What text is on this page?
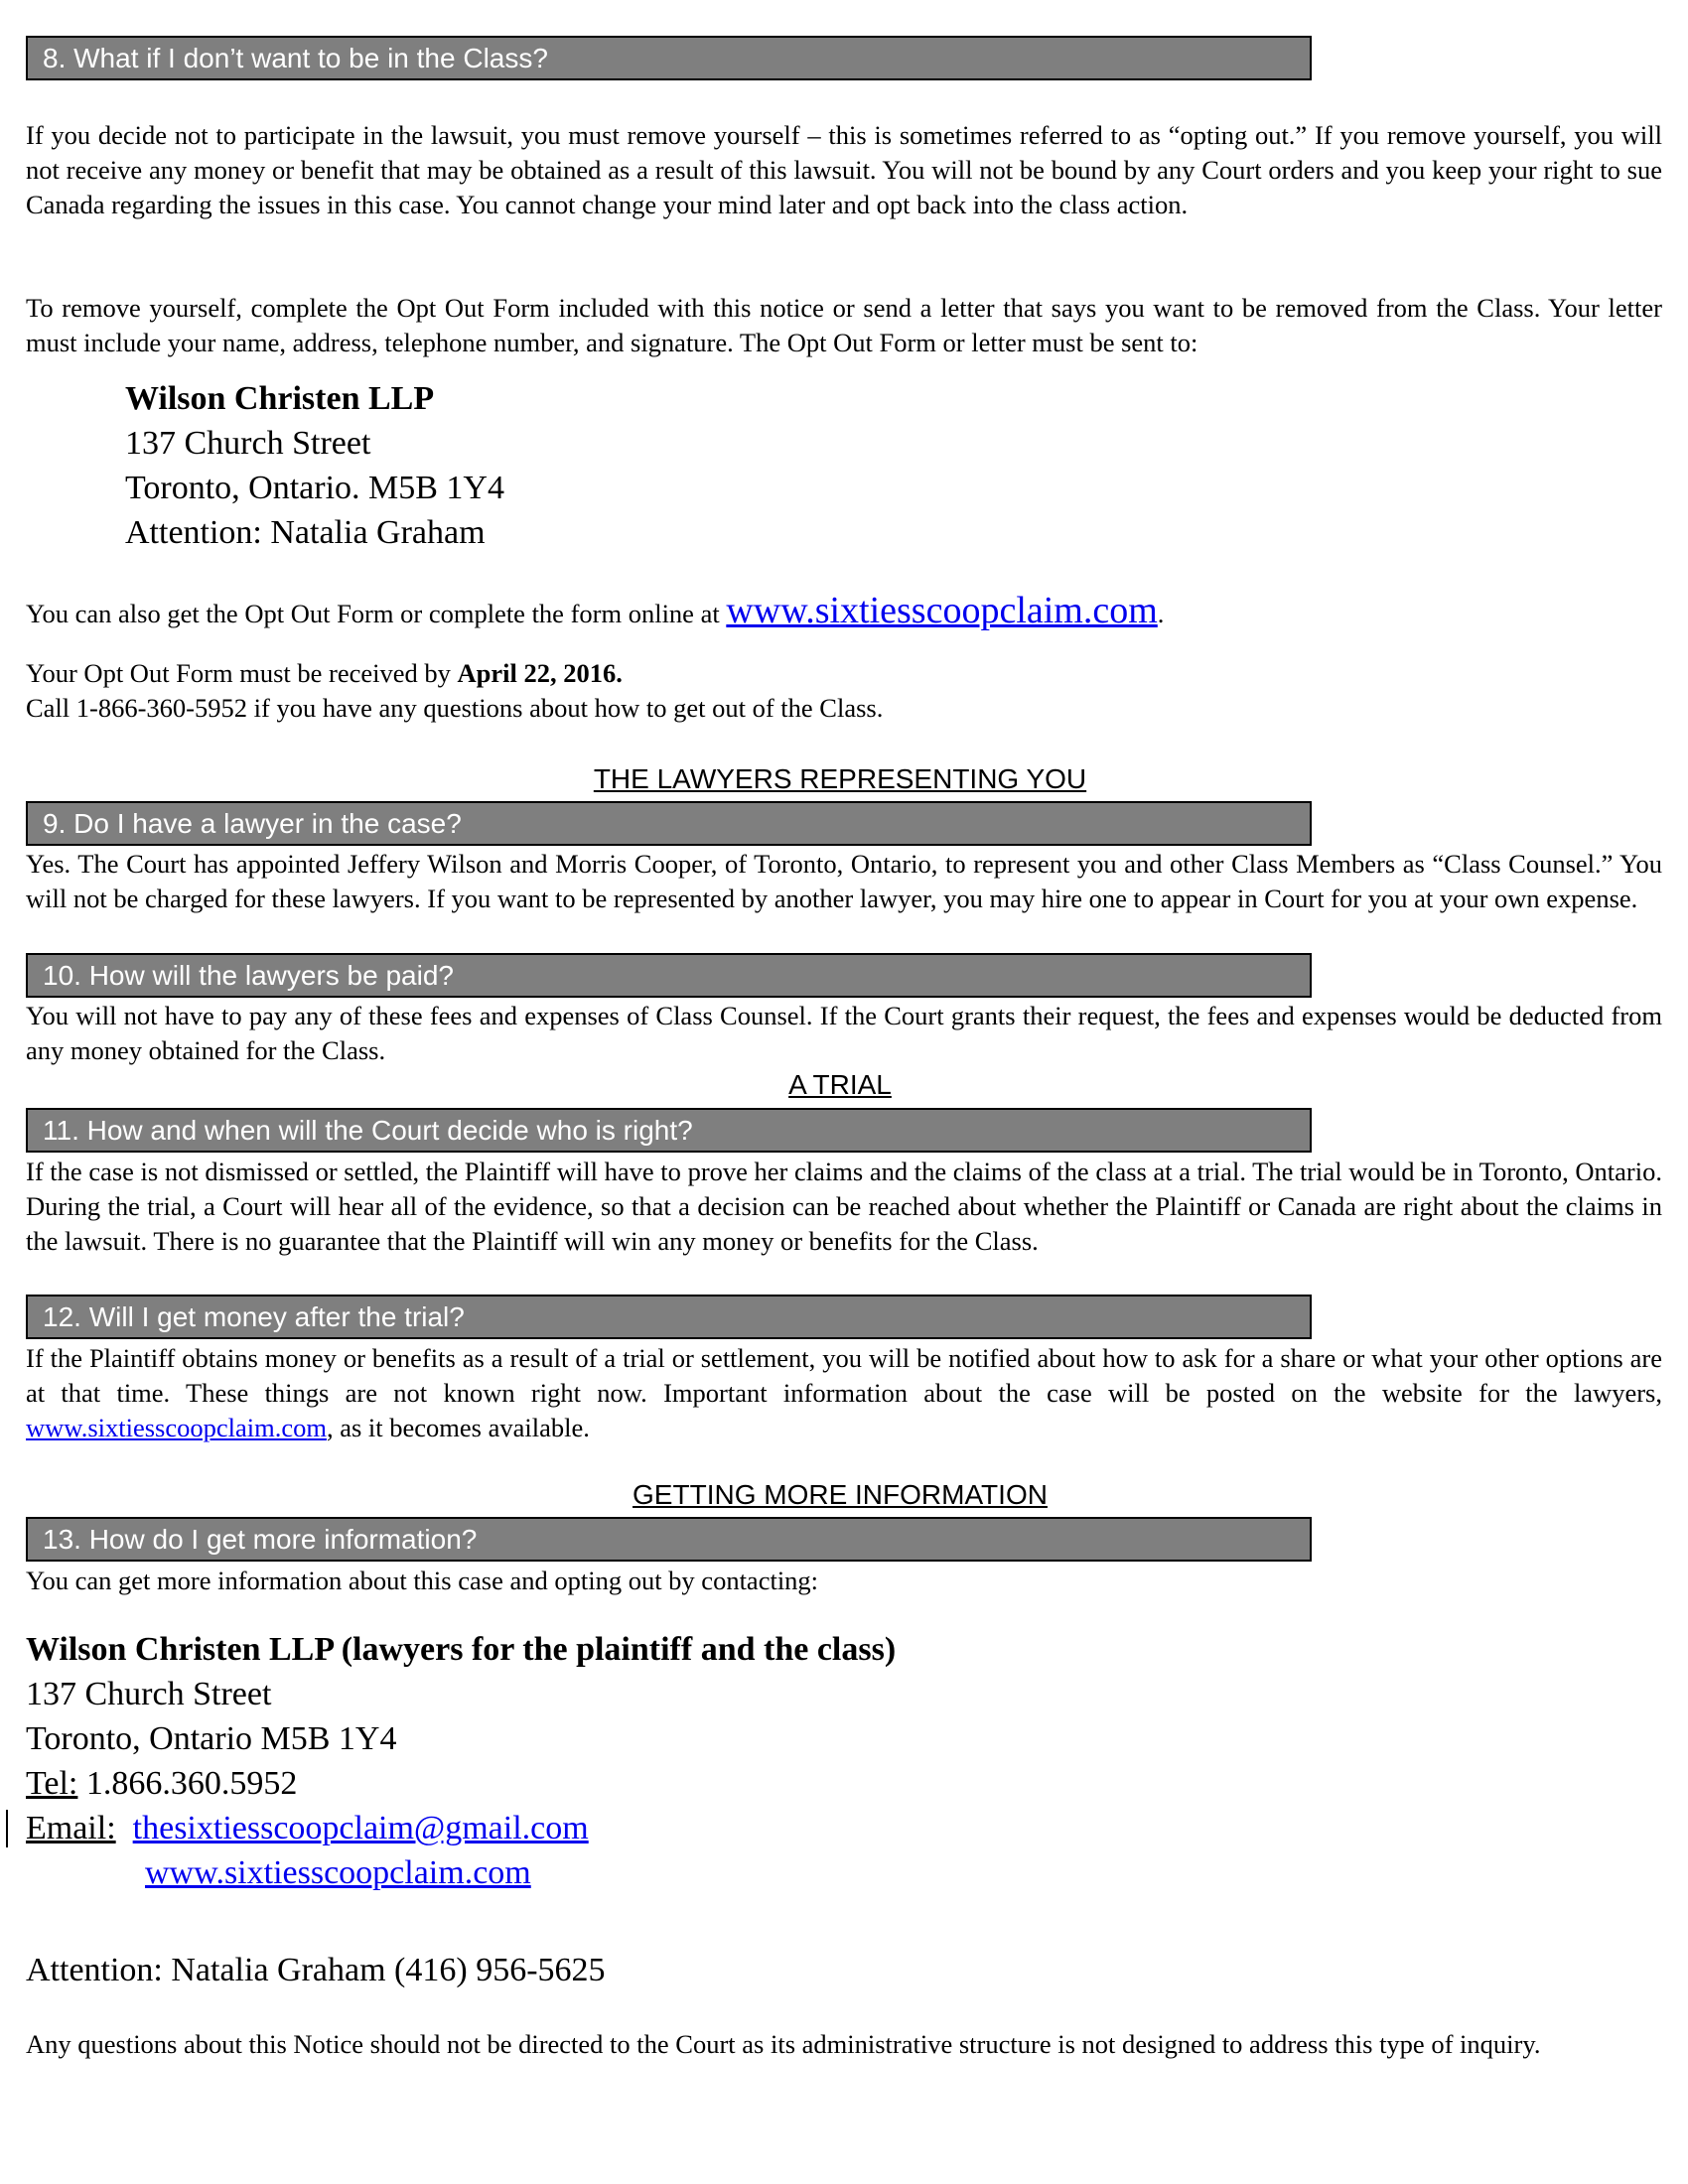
8. What if I don’t want to be in the Class?

If you decide not to participate in the lawsuit, you must remove yourself – this is sometimes referred to as “opting out.” If you remove yourself, you will not receive any money or benefit that may be obtained as a result of this lawsuit. You will not be bound by any Court orders and you keep your right to sue Canada regarding the issues in this case. You cannot change your mind later and opt back into the class action.

To remove yourself, complete the Opt Out Form included with this notice or send a letter that says you want to be removed from the Class. Your letter must include your name, address, telephone number, and signature. The Opt Out Form or letter must be sent to:

Wilson Christen LLP
137 Church Street
Toronto, Ontario. M5B 1Y4
Attention: Natalia Graham
You can also get the Opt Out Form or complete the form online at www.sixtiesscoopclaim.com.
Your Opt Out Form must be received by April 22, 2016.
Call 1-866-360-5952 if you have any questions about how to get out of the Class.
THE LAWYERS REPRESENTING YOU
9. Do I have a lawyer in the case?

Yes. The Court has appointed Jeffery Wilson and Morris Cooper, of Toronto, Ontario, to represent you and other Class Members as “Class Counsel.” You will not be charged for these lawyers. If you want to be represented by another lawyer, you may hire one to appear in Court for you at your own expense.

10. How will the lawyers be paid?

You will not have to pay any of these fees and expenses of Class Counsel. If the Court grants their request, the fees and expenses would be deducted from any money obtained for the Class.

A TRIAL
11. How and when will the Court decide who is right?

If the case is not dismissed or settled, the Plaintiff will have to prove her claims and the claims of the class at a trial. The trial would be in Toronto, Ontario. During the trial, a Court will hear all of the evidence, so that a decision can be reached about whether the Plaintiff or Canada are right about the claims in the lawsuit. There is no guarantee that the Plaintiff will win any money or benefits for the Class.

12. Will I get money after the trial?

If the Plaintiff obtains money or benefits as a result of a trial or settlement, you will be notified about how to ask for a share or what your other options are at that time. These things are not known right now. Important information about the case will be posted on the website for the lawyers, www.sixtiesscoopclaim.com, as it becomes available.

GETTING MORE INFORMATION
13. How do I get more information?
You can get more information about this case and opting out by contacting:
Wilson Christen LLP (lawyers for the plaintiff and the class)
137 Church Street
Toronto, Ontario M5B 1Y4
Tel: 1.866.360.5952
Email: thesixtiesscoopclaim@gmail.com
www.sixtiesscoopclaim.com
Attention: Natalia Graham (416) 956-5625

Any questions about this Notice should not be directed to the Court as its administrative structure is not designed to address this type of inquiry.
